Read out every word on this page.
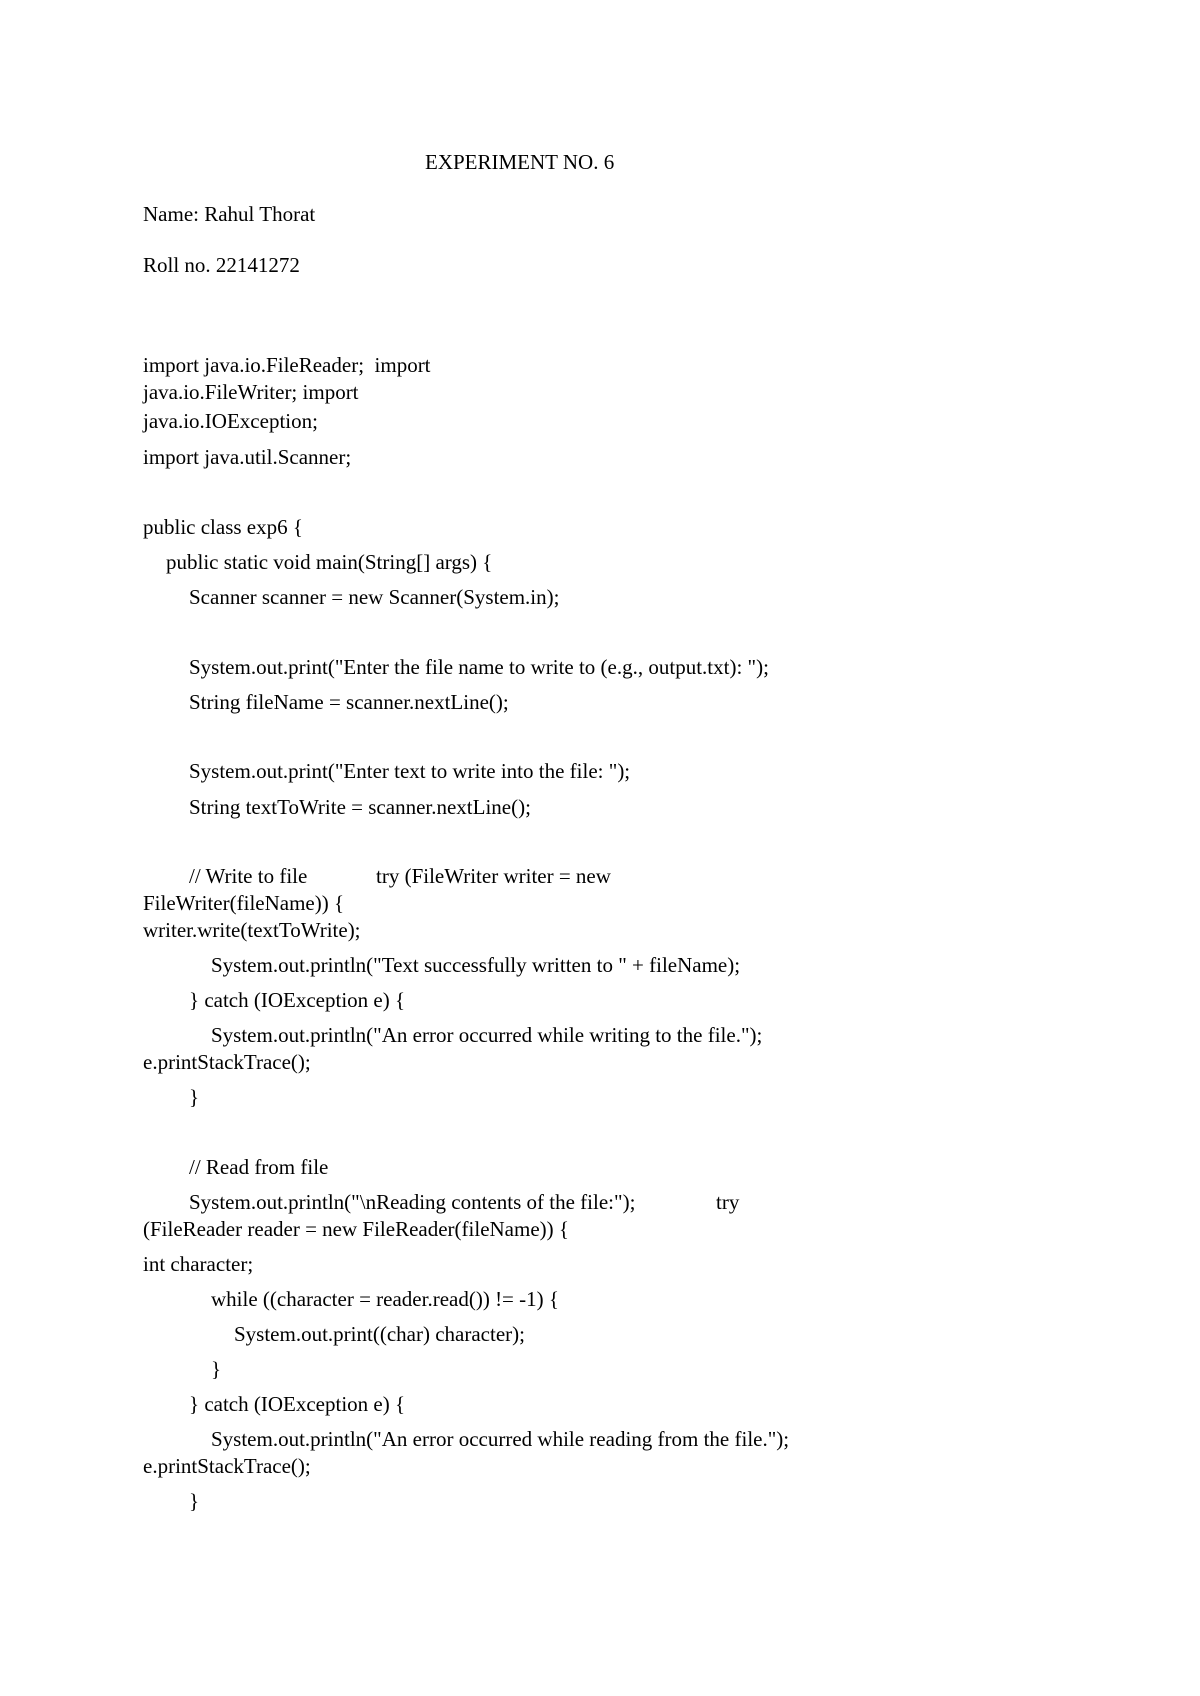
EXPERIMENT NO. 6
Name: Rahul Thorat
Roll no. 22141272
import java.io.FileReader;  import
java.io.FileWriter; import
java.io.IOException;
import java.util.Scanner;
public class exp6 {
public static void main(String[] args) {
Scanner scanner = new Scanner(System.in);
System.out.print("Enter the file name to write to (e.g., output.txt): ");
String fileName = scanner.nextLine();
System.out.print("Enter text to write into the file: ");
String textToWrite = scanner.nextLine();
// Write to file	try (FileWriter writer = new
FileWriter(fileName)) {
writer.write(textToWrite);
System.out.println("Text successfully written to " + fileName);
} catch (IOException e) {
System.out.println("An error occurred while writing to the file.");
e.printStackTrace();
}
// Read from file
System.out.println("\nReading contents of the file:");	try
(FileReader reader = new FileReader(fileName)) {
int character;
while ((character = reader.read()) != -1) {
System.out.print((char) character);
}
} catch (IOException e) {
System.out.println("An error occurred while reading from the file.");
e.printStackTrace();
}
